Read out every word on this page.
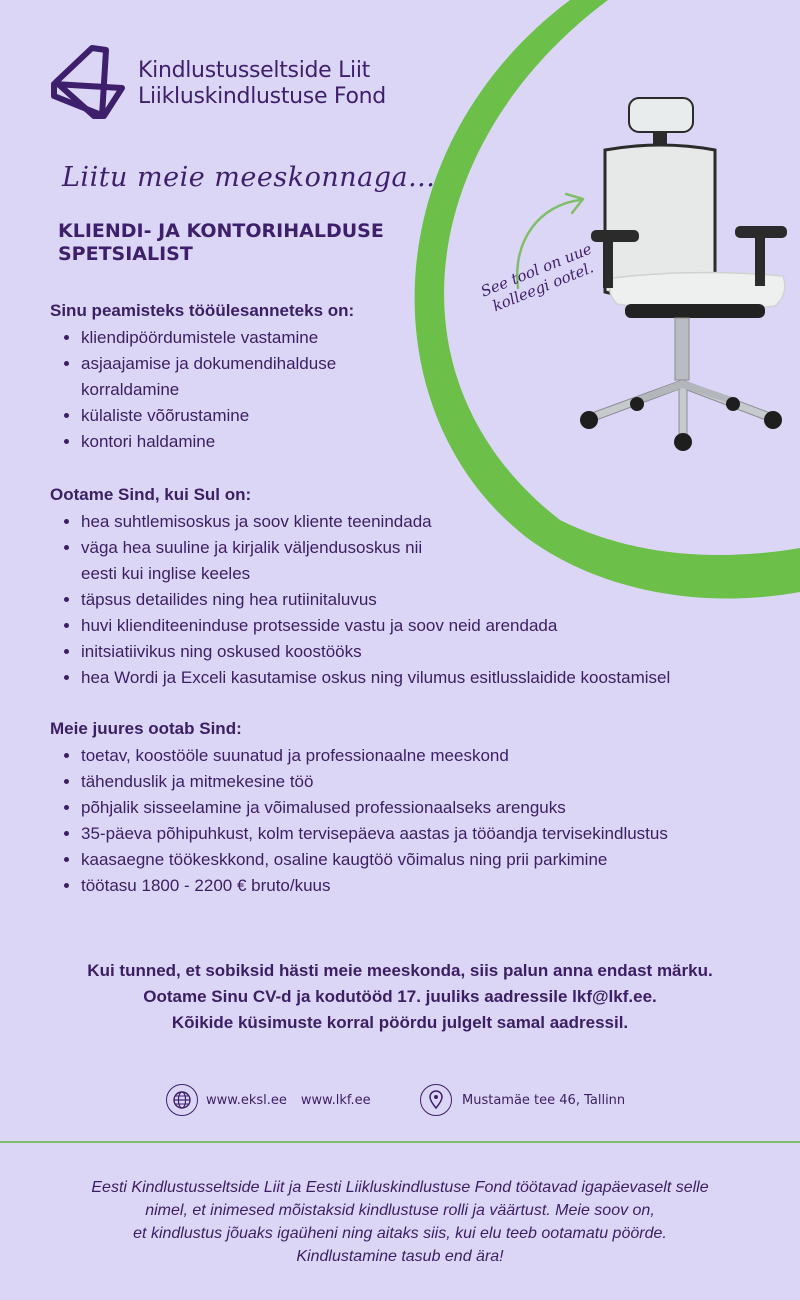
Kindlustusseltside Liit
Liikluskindlustuse Fond
Liitu meie meeskonnaga...
KLIENDI- JA KONTORIHALDUSE SPETSIALIST	See tool on uue kolleegi ootel.
Sinu peamisteks tööülesanneteks on:
• kliendipöördumistele vastamine
• asjaajamise ja dokumendihalduse korraldamine
• külaliste võõrustamine
• kontori haldamine
Ootame Sind, kui Sul on:
• hea suhtlemisoskus ja soov kliente teenindada
• väga hea suuline ja kirjalik väljendusoskus nii eesti kui inglise keeles
• täpsus detailides ning hea rutiinitaluvus
• huvi klienditeeninduse protsesside vastu ja soov neid arendada
• initsiatiivikus ning oskused koostööks
• hea Wordi ja Exceli kasutamise oskus ning vilumus esitlusslaidide koostamisel
Meie juures ootab Sind:
• toetav, koostööle suunatud ja professionaalne meeskond
• tähenduslik ja mitmekesine töö
• põhjalik sisseelamine ja võimalused professionaalseks arenguks
• 35-päeva põhipuhkust, kolm tervisepäeva aastas ja tööandja tervisekindlustus
• kaasaegne töökeskkond, osaline kaugtöö võimalus ning prii parkimine
• töötasu 1800 - 2200 € bruto/kuus
Kui tunned, et sobiksid hästi meie meeskonda, siis palun anna endast märku.
Ootame Sinu CV-d ja kodutööd 17. juuliks aadressile lkf@lkf.ee.
Kõikide küsimuste korral pöördu julgelt samal aadressil.
www.eksl.ee www.lkf.ee	Mustamäe tee 46, Tallinn
Eesti Kindlustusseltside Liit ja Eesti Liikluskindlustuse Fond töötavad igapäevaselt selle
nimel, et inimesed mõistaksid kindlustuse rolli ja väärtust. Meie soov on,
et kindlustus jõuaks igaüheni ning aitaks siis, kui elu teeb ootamatu pöörde.
Kindlustamine tasub end ära!
